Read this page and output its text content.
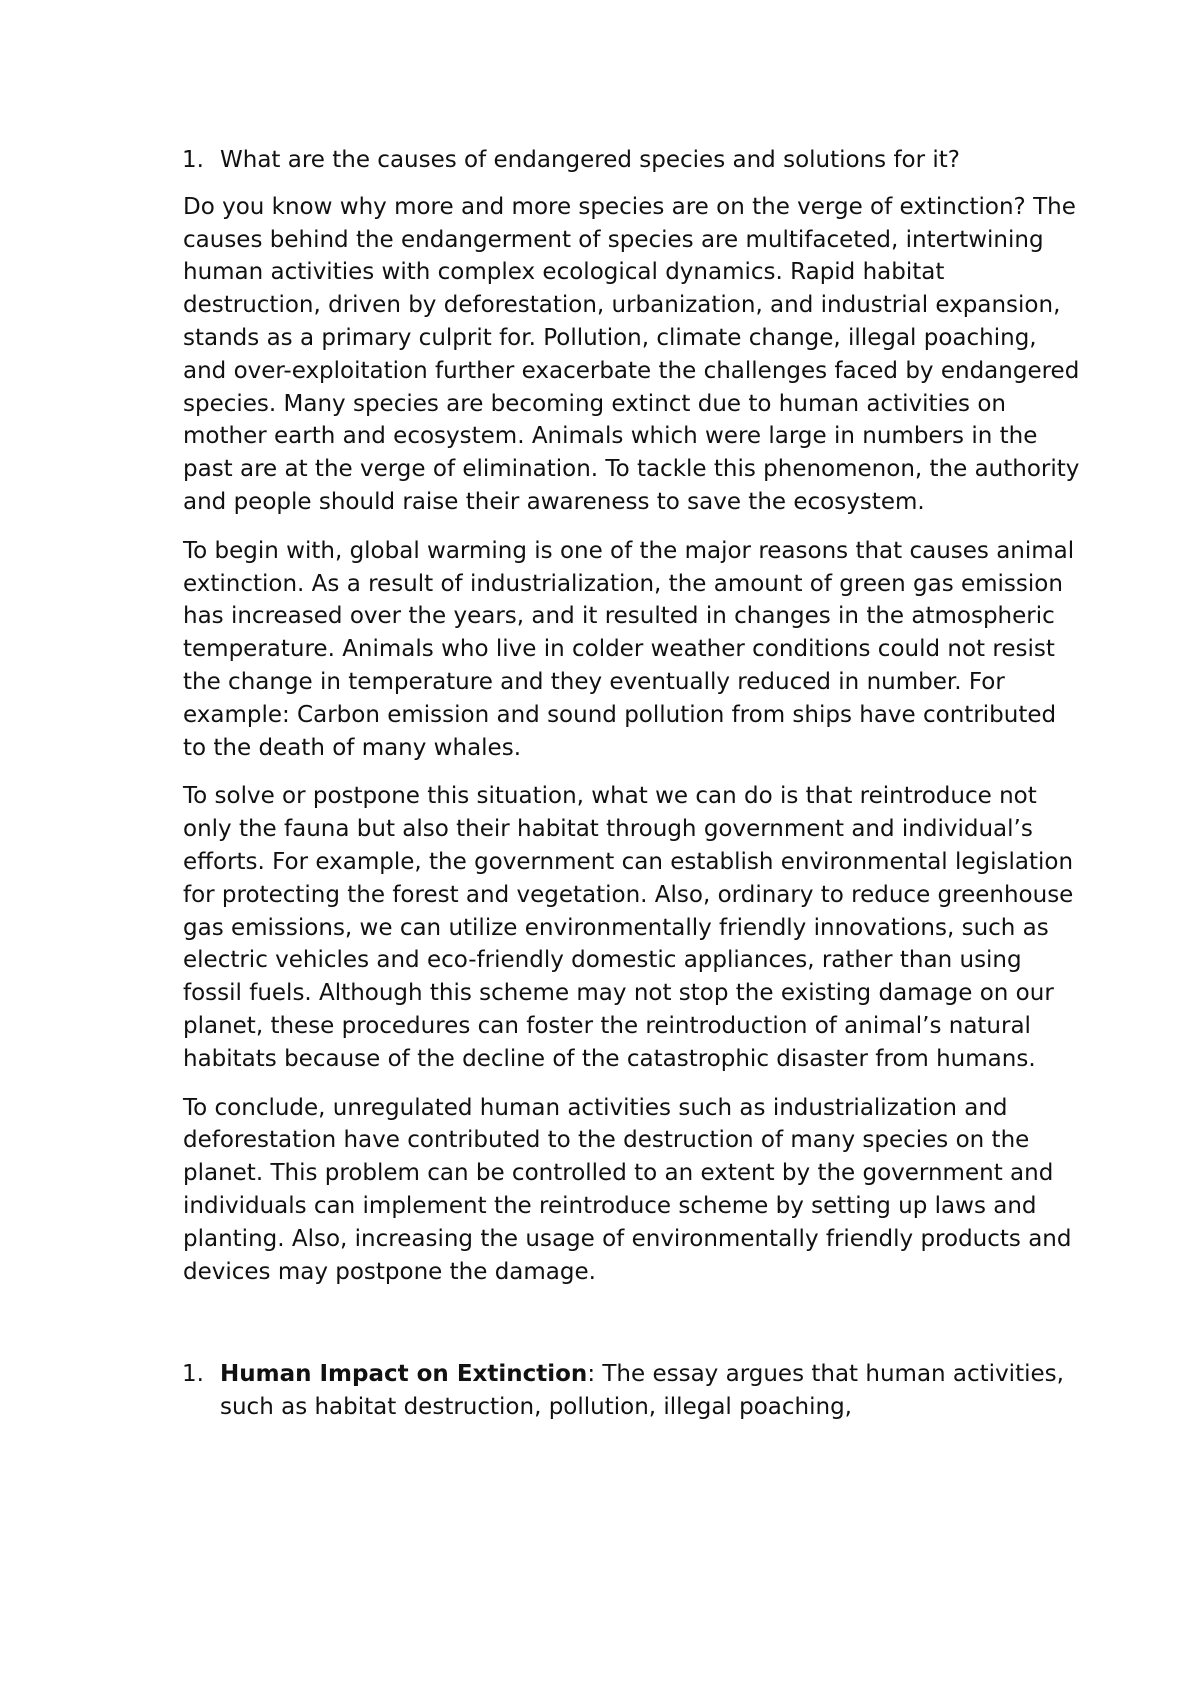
1. What are the causes of endangered species and solutions for it?

Do you know why more and more species are on the verge of extinction? The causes behind the endangerment of species are multifaceted, intertwining human activities with complex ecological dynamics. Rapid habitat destruction, driven by deforestation, urbanization, and industrial expansion, stands as a primary culprit for. Pollution, climate change, illegal poaching, and over-exploitation further exacerbate the challenges faced by endangered species. Many species are becoming extinct due to human activities on mother earth and ecosystem. Animals which were large in numbers in the past are at the verge of elimination. To tackle this phenomenon, the authority and people should raise their awareness to save the ecosystem.

To begin with, global warming is one of the major reasons that causes animal extinction. As a result of industrialization, the amount of green gas emission has increased over the years, and it resulted in changes in the atmospheric temperature. Animals who live in colder weather conditions could not resist the change in temperature and they eventually reduced in number. For example: Carbon emission and sound pollution from ships have contributed to the death of many whales.

To solve or postpone this situation, what we can do is that reintroduce not only the fauna but also their habitat through government and individual’s efforts. For example, the government can establish environmental legislation for protecting the forest and vegetation. Also, ordinary to reduce greenhouse gas emissions, we can utilize environmentally friendly innovations, such as electric vehicles and eco-friendly domestic appliances, rather than using fossil fuels. Although this scheme may not stop the existing damage on our planet, these procedures can foster the reintroduction of animal’s natural habitats because of the decline of the catastrophic disaster from humans.

To conclude, unregulated human activities such as industrialization and deforestation have contributed to the destruction of many species on the planet. This problem can be controlled to an extent by the government and individuals can implement the reintroduce scheme by setting up laws and planting. Also, increasing the usage of environmentally friendly products and devices may postpone the damage.

1. Human Impact on Extinction: The essay argues that human activities, such as habitat destruction, pollution, illegal poaching,
